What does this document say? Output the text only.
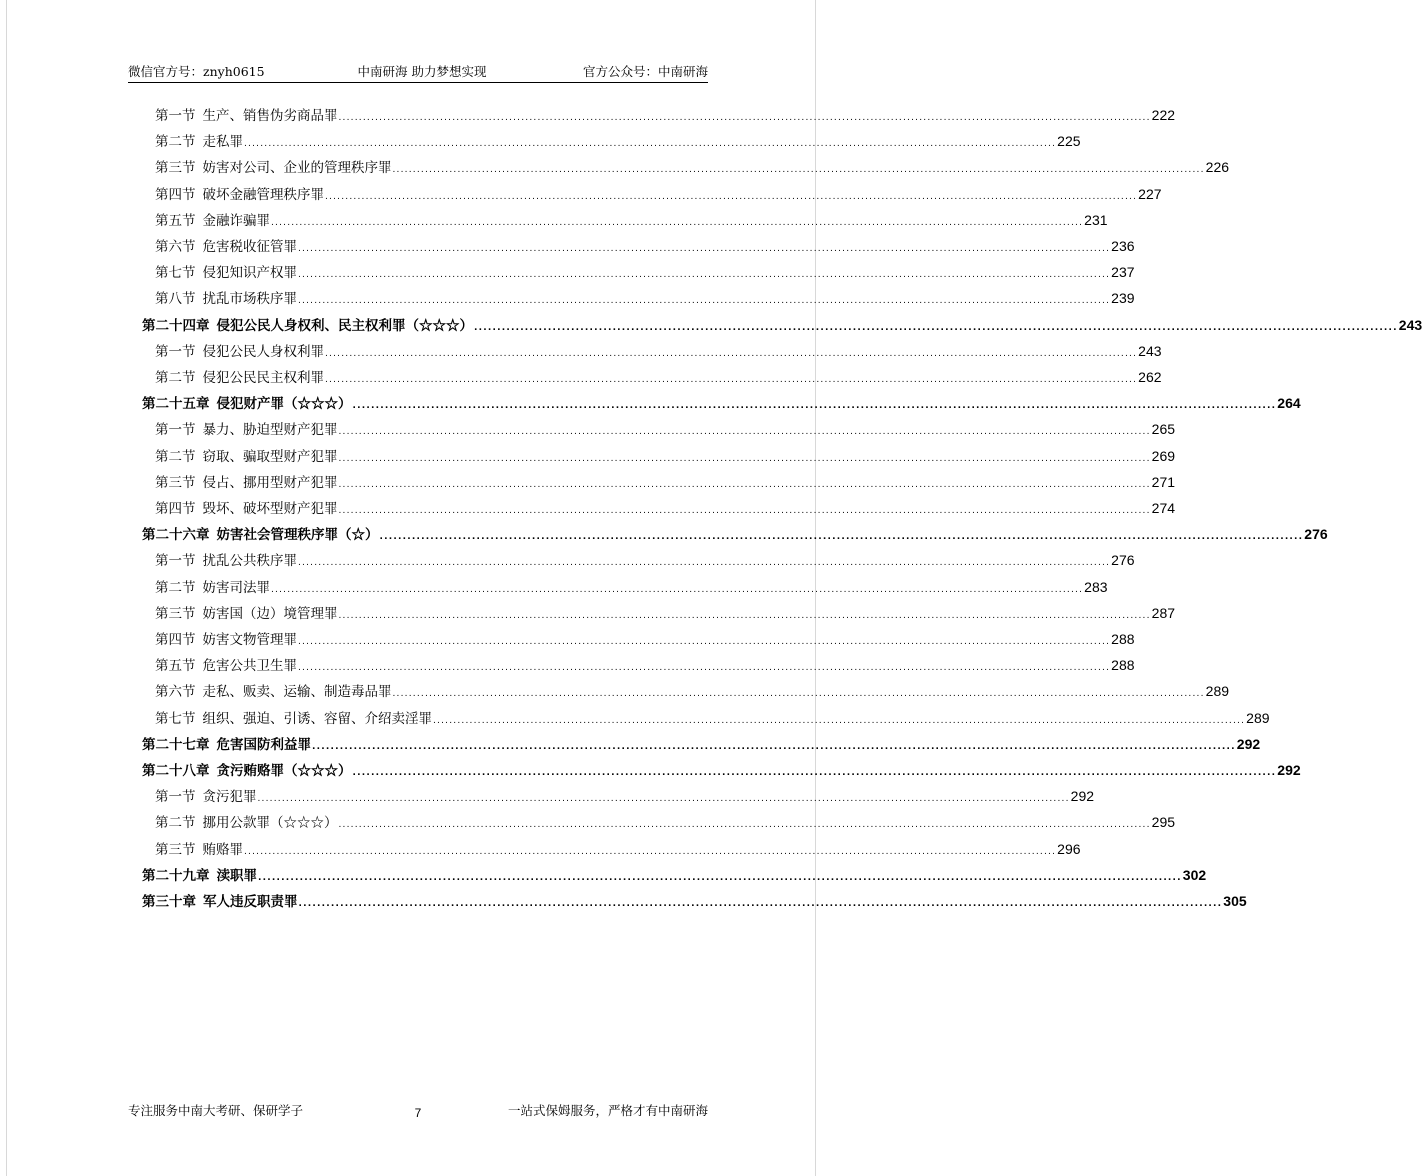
微信官方号：znyh0615	中南研海 助力梦想实现	官方公众号：中南研海
第一节 生产、销售伪劣商品罪 ........................................................................................................................................................................................................ 222
第二节 走私罪 ........................................................................................................................................................................................................ 225
第三节 妨害对公司、企业的管理秩序罪 ........................................................................................................................................................................................................ 226
第四节 破坏金融管理秩序罪 ........................................................................................................................................................................................................ 227
第五节 金融诈骗罪 ........................................................................................................................................................................................................ 231
第六节 危害税收征管罪 ........................................................................................................................................................................................................ 236
第七节 侵犯知识产权罪 ........................................................................................................................................................................................................ 237
第八节 扰乱市场秩序罪 ........................................................................................................................................................................................................ 239
第二十四章 侵犯公民人身权利、民主权利罪（☆☆☆） ........................................................................................................................................................................................................ 243
第一节 侵犯公民人身权利罪 ........................................................................................................................................................................................................ 243
第二节 侵犯公民民主权利罪 ........................................................................................................................................................................................................ 262
第二十五章 侵犯财产罪（☆☆☆） ........................................................................................................................................................................................................ 264
第一节 暴力、胁迫型财产犯罪 ........................................................................................................................................................................................................ 265
第二节 窃取、骗取型财产犯罪 ........................................................................................................................................................................................................ 269
第三节 侵占、挪用型财产犯罪 ........................................................................................................................................................................................................ 271
第四节 毁坏、破坏型财产犯罪 ........................................................................................................................................................................................................ 274
第二十六章 妨害社会管理秩序罪（☆） ........................................................................................................................................................................................................ 276
第一节 扰乱公共秩序罪 ........................................................................................................................................................................................................ 276
第二节 妨害司法罪 ........................................................................................................................................................................................................ 283
第三节 妨害国（边）境管理罪 ........................................................................................................................................................................................................ 287
第四节 妨害文物管理罪 ........................................................................................................................................................................................................ 288
第五节 危害公共卫生罪 ........................................................................................................................................................................................................ 288
第六节 走私、贩卖、运输、制造毒品罪 ........................................................................................................................................................................................................ 289
第七节 组织、强迫、引诱、容留、介绍卖淫罪 ........................................................................................................................................................................................................ 289
第二十七章 危害国防利益罪 ........................................................................................................................................................................................................ 292
第二十八章 贪污贿赂罪（☆☆☆） ........................................................................................................................................................................................................ 292
第一节 贪污犯罪 ........................................................................................................................................................................................................ 292
第二节 挪用公款罪（☆☆☆） ........................................................................................................................................................................................................ 295
第三节 贿赂罪 ........................................................................................................................................................................................................ 296
第二十九章 渎职罪 ........................................................................................................................................................................................................ 302
第三十章 军人违反职责罪 ........................................................................................................................................................................................................ 305
专注服务中南大考研、保研学子	7	一站式保姆服务，严格才有中南研海
